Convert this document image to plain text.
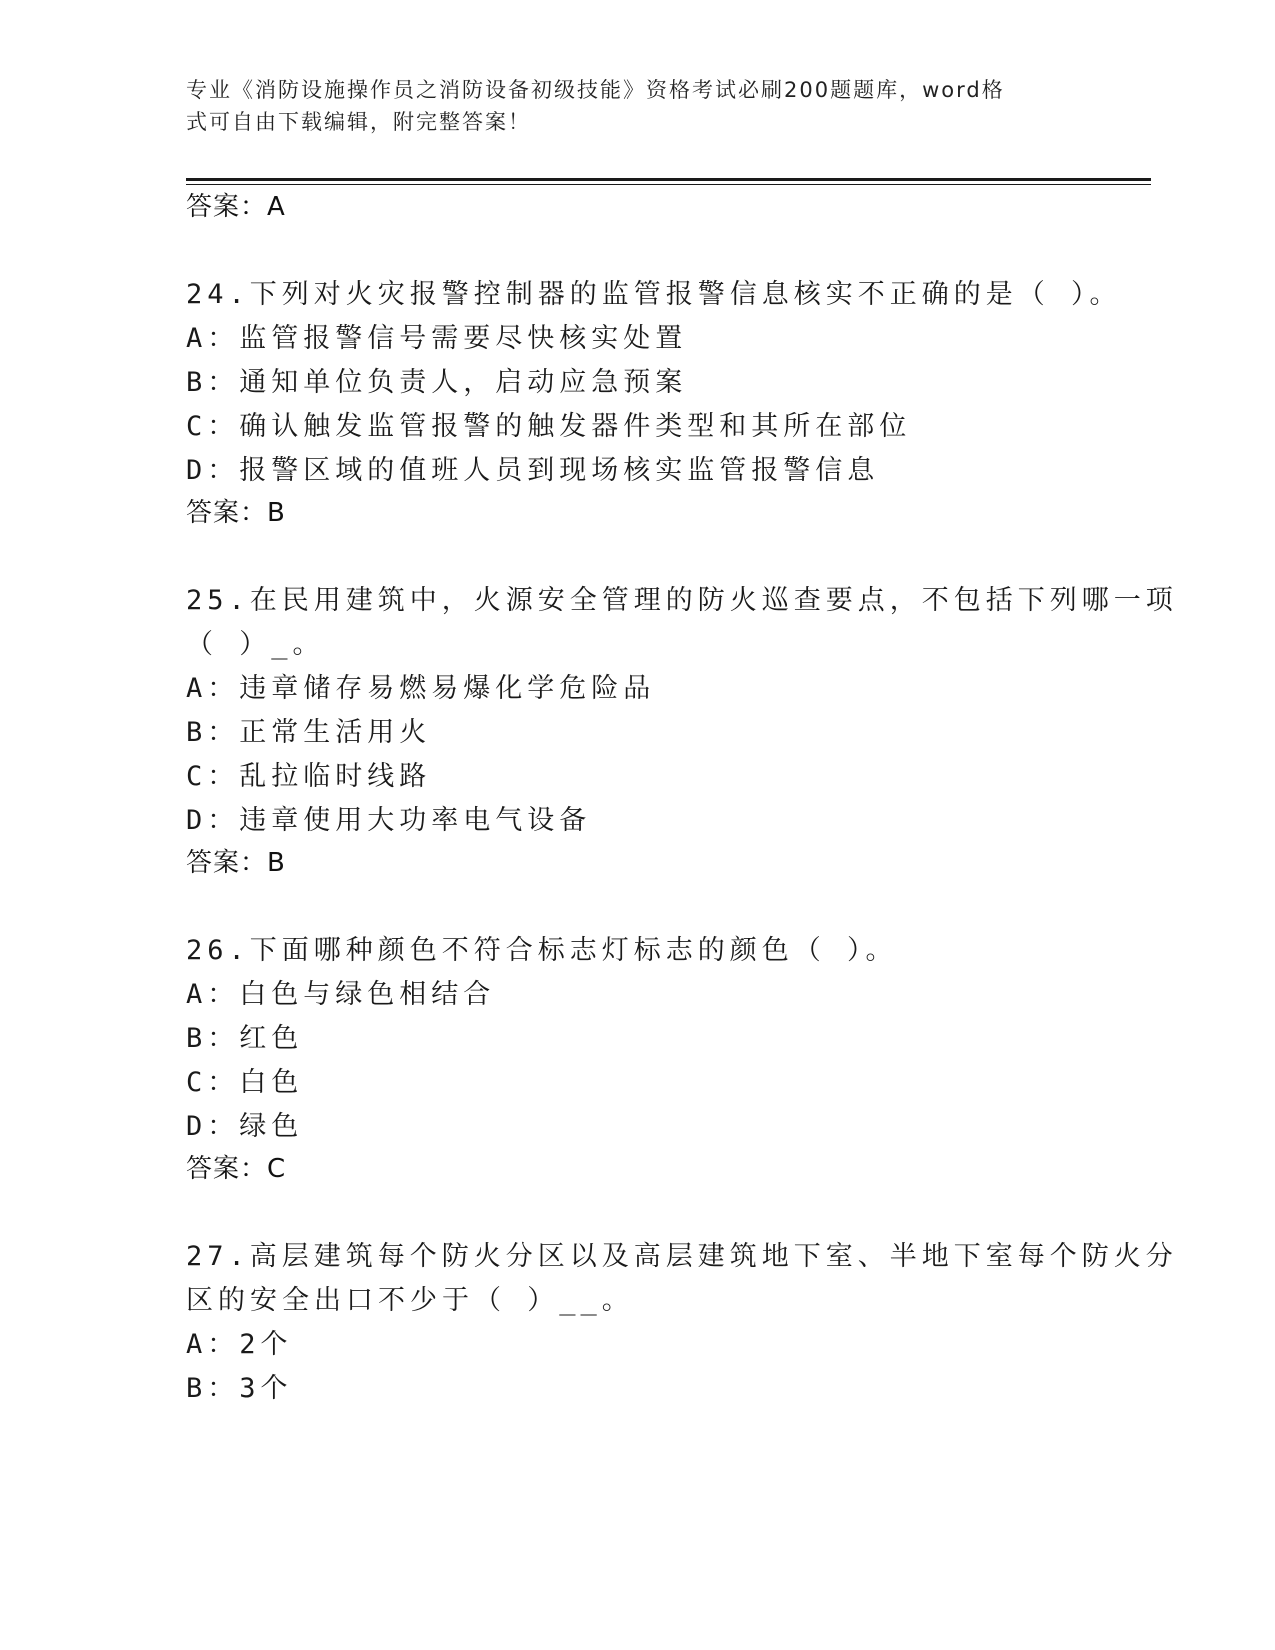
专业《消防设施操作员之消防设备初级技能》资格考试必刷200题题库，word格
式可自由下载编辑，附完整答案！
答案：A
24.下列对火灾报警控制器的监管报警信息核实不正确的是（ ）。
A：监管报警信号需要尽快核实处置
B：通知单位负责人，启动应急预案
C：确认触发监管报警的触发器件类型和其所在部位
D：报警区域的值班人员到现场核实监管报警信息
答案：B
25.在民用建筑中，火源安全管理的防火巡查要点，不包括下列哪一项
（ ）_。
A：违章储存易燃易爆化学危险品
B：正常生活用火
C：乱拉临时线路
D：违章使用大功率电气设备
答案：B
26.下面哪种颜色不符合标志灯标志的颜色（ ）。
A：白色与绿色相结合
B：红色
C：白色
D：绿色
答案：C
27.高层建筑每个防火分区以及高层建筑地下室、半地下室每个防火分
区的安全出口不少于（ ）__。
A：2个
B：3个
